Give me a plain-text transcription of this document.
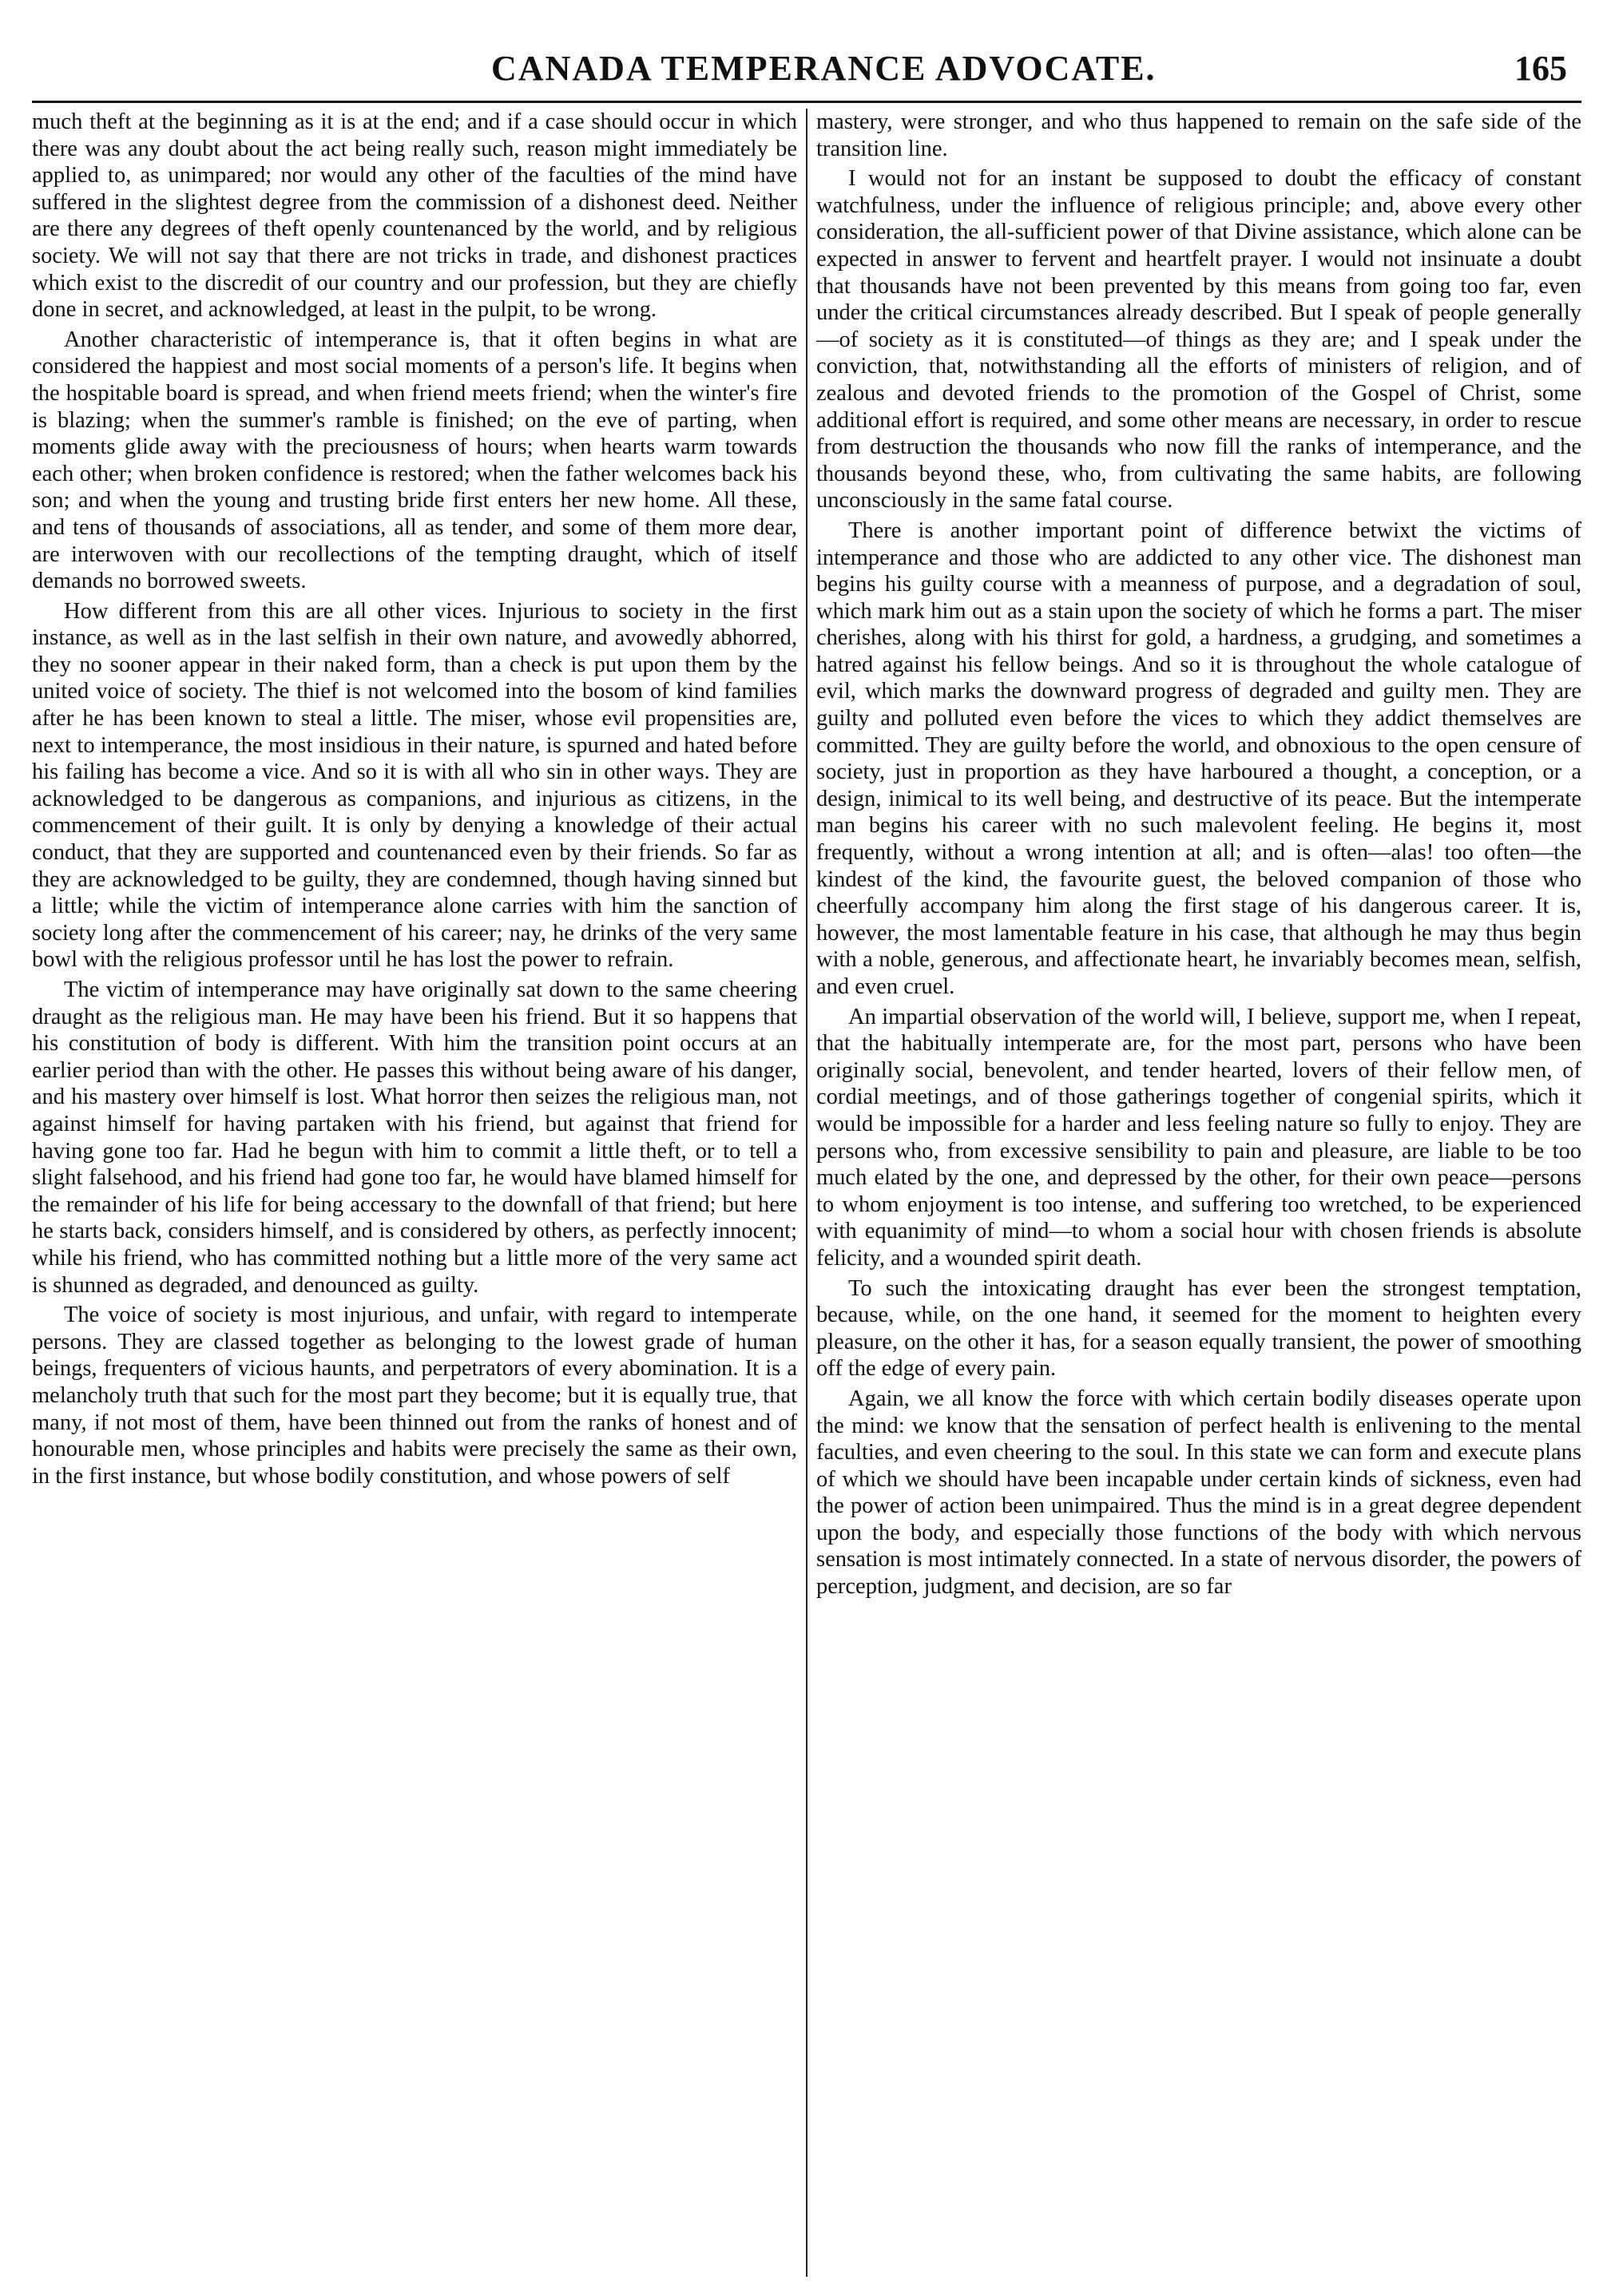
CANADA TEMPERANCE ADVOCATE.	165

much theft at the beginning as it is at the end; and if a case should occur in which there was any doubt about the act being really such, reason might immediately be applied to, as unimpared; nor would any other of the faculties of the mind have suffered in the slightest degree from the commission of a dishonest deed. Neither are there any degrees of theft openly countenanced by the world, and by religious society. We will not say that there are not tricks in trade, and dishonest practices which exist to the discredit of our country and our profession, but they are chiefly done in secret, and acknowledged, at least in the pulpit, to be wrong.

Another characteristic of intemperance is, that it often begins in what are considered the happiest and most social moments of a person's life. It begins when the hospitable board is spread, and when friend meets friend; when the winter's fire is blazing; when the summer's ramble is finished; on the eve of parting, when moments glide away with the preciousness of hours; when hearts warm towards each other; when broken confidence is restored; when the father welcomes back his son; and when the young and trusting bride first enters her new home. All these, and tens of thousands of associations, all as tender, and some of them more dear, are interwoven with our recollections of the tempting draught, which of itself demands no borrowed sweets.

How different from this are all other vices. Injurious to society in the first instance, as well as in the last selfish in their own nature, and avowedly abhorred, they no sooner appear in their naked form, than a check is put upon them by the united voice of society. The thief is not welcomed into the bosom of kind families after he has been known to steal a little. The miser, whose evil propensities are, next to intemperance, the most insidious in their nature, is spurned and hated before his failing has become a vice. And so it is with all who sin in other ways. They are acknowledged to be dangerous as companions, and injurious as citizens, in the commencement of their guilt. It is only by denying a knowledge of their actual conduct, that they are supported and countenanced even by their friends. So far as they are acknowledged to be guilty, they are condemned, though having sinned but a little; while the victim of intemperance alone carries with him the sanction of society long after the commencement of his career; nay, he drinks of the very same bowl with the religious professor until he has lost the power to refrain.

The victim of intemperance may have originally sat down to the same cheering draught as the religious man. He may have been his friend. But it so happens that his constitution of body is different. With him the transition point occurs at an earlier period than with the other. He passes this without being aware of his danger, and his mastery over himself is lost. What horror then seizes the religious man, not against himself for having partaken with his friend, but against that friend for having gone too far. Had he begun with him to commit a little theft, or to tell a slight falsehood, and his friend had gone too far, he would have blamed himself for the remainder of his life for being accessary to the downfall of that friend; but here he starts back, considers himself, and is considered by others, as perfectly innocent; while his friend, who has committed nothing but a little more of the very same act is shunned as degraded, and denounced as guilty.

The voice of society is most injurious, and unfair, with regard to intemperate persons. They are classed together as belonging to the lowest grade of human beings, frequenters of vicious haunts, and perpetrators of every abomination. It is a melancholy truth that such for the most part they become; but it is equally true, that many, if not most of them, have been thinned out from the ranks of honest and of honourable men, whose principles and habits were precisely the same as their own, in the first instance, but whose bodily constitution, and whose powers of self

mastery, were stronger, and who thus happened to remain on the safe side of the transition line.

I would not for an instant be supposed to doubt the efficacy of constant watchfulness, under the influence of religious principle; and, above every other consideration, the all-sufficient power of that Divine assistance, which alone can be expected in answer to fervent and heartfelt prayer. I would not insinuate a doubt that thousands have not been prevented by this means from going too far, even under the critical circumstances already described. But I speak of people generally—of society as it is constituted—of things as they are; and I speak under the conviction, that, notwithstanding all the efforts of ministers of religion, and of zealous and devoted friends to the promotion of the Gospel of Christ, some additional effort is required, and some other means are necessary, in order to rescue from destruction the thousands who now fill the ranks of intemperance, and the thousands beyond these, who, from cultivating the same habits, are following unconsciously in the same fatal course.

There is another important point of difference betwixt the victims of intemperance and those who are addicted to any other vice. The dishonest man begins his guilty course with a meanness of purpose, and a degradation of soul, which mark him out as a stain upon the society of which he forms a part. The miser cherishes, along with his thirst for gold, a hardness, a grudging, and sometimes a hatred against his fellow beings. And so it is throughout the whole catalogue of evil, which marks the downward progress of degraded and guilty men. They are guilty and polluted even before the vices to which they addict themselves are committed. They are guilty before the world, and obnoxious to the open censure of society, just in proportion as they have harboured a thought, a conception, or a design, inimical to its well being, and destructive of its peace. But the intemperate man begins his career with no such malevolent feeling. He begins it, most frequently, without a wrong intention at all; and is often—alas! too often—the kindest of the kind, the favourite guest, the beloved companion of those who cheerfully accompany him along the first stage of his dangerous career. It is, however, the most lamentable feature in his case, that although he may thus begin with a noble, generous, and affectionate heart, he invariably becomes mean, selfish, and even cruel.

An impartial observation of the world will, I believe, support me, when I repeat, that the habitually intemperate are, for the most part, persons who have been originally social, benevolent, and tender hearted, lovers of their fellow men, of cordial meetings, and of those gatherings together of congenial spirits, which it would be impossible for a harder and less feeling nature so fully to enjoy. They are persons who, from excessive sensibility to pain and pleasure, are liable to be too much elated by the one, and depressed by the other, for their own peace—persons to whom enjoyment is too intense, and suffering too wretched, to be experienced with equanimity of mind—to whom a social hour with chosen friends is absolute felicity, and a wounded spirit death.

To such the intoxicating draught has ever been the strongest temptation, because, while, on the one hand, it seemed for the moment to heighten every pleasure, on the other it has, for a season equally transient, the power of smoothing off the edge of every pain.

Again, we all know the force with which certain bodily diseases operate upon the mind: we know that the sensation of perfect health is enlivening to the mental faculties, and even cheering to the soul. In this state we can form and execute plans of which we should have been incapable under certain kinds of sickness, even had the power of action been unimpaired. Thus the mind is in a great degree dependent upon the body, and especially those functions of the body with which nervous sensation is most intimately connected. In a state of nervous disorder, the powers of perception, judgment, and decision, are so far
